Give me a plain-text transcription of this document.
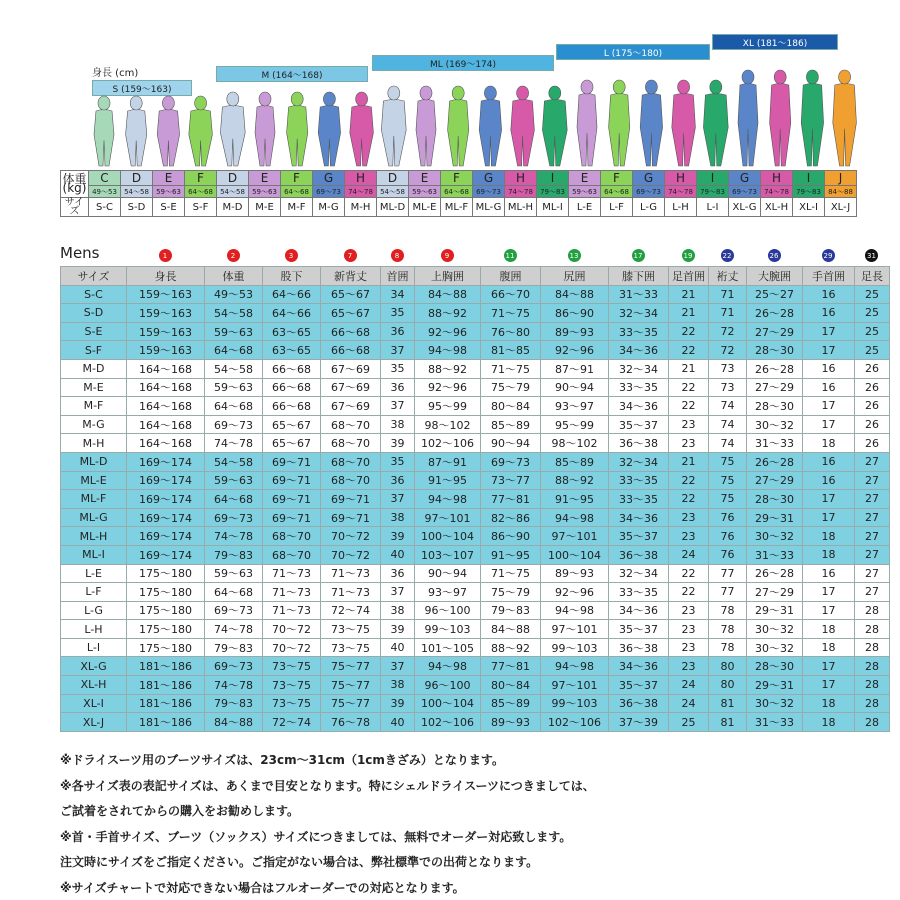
身長 (cm)
S (159～163)
M (164～168)
ML (169～174)
L (175～180)
XL (181～186)
体重 (kg)	C	D	E	F	D	E	F	G	H	D	E	F	G	H	I	E	F	G	H	I	G	H	I	J
	49～53	54～58	59～63	64～68	54～58	59～63	64～68	69～73	74～78	54～58	59～63	64～68	69～73	74～78	79～83	59～63	64～68	69～73	74～78	79～83	69～73	74～78	79～83	84～88
サイズ	S-C	S-D	S-E	S-F	M-D	M-E	M-F	M-G	M-H	ML-D	ML-E	ML-F	ML-G	ML-H	ML-I	L-E	L-F	L-G	L-H	L-I	XL-G	XL-H	XL-I	XL-J
Mens	1	2	3	7	8	9	11	13	17	19	22	26	29	31
サイズ	身長	体重	股下	新背丈	首囲	上胸囲	腹囲	尻囲	膝下囲	足首囲	裄丈	大腕囲	手首囲	足長
S-C	159～163	49～53	64～66	65～67	34	84～88	66～70	84～88	31～33	21	71	25～27	16	25
S-D	159～163	54～58	64～66	65～67	35	88～92	71～75	86～90	32～34	21	71	26～28	16	25
S-E	159～163	59～63	63～65	66～68	36	92～96	76～80	89～93	33～35	22	72	27～29	17	25
S-F	159～163	64～68	63～65	66～68	37	94～98	81～85	92～96	34～36	22	72	28～30	17	25
M-D	164～168	54～58	66～68	67～69	35	88～92	71～75	87～91	32～34	21	73	26～28	16	26
M-E	164～168	59～63	66～68	67～69	36	92～96	75～79	90～94	33～35	22	73	27～29	16	26
M-F	164～168	64～68	66～68	67～69	37	95～99	80～84	93～97	34～36	22	74	28～30	17	26
M-G	164～168	69～73	65～67	68～70	38	98～102	85～89	95～99	35～37	23	74	30～32	17	26
M-H	164～168	74～78	65～67	68～70	39	102～106	90～94	98～102	36～38	23	74	31～33	18	26
ML-D	169～174	54～58	69～71	68～70	35	87～91	69～73	85～89	32～34	21	75	26～28	16	27
ML-E	169～174	59～63	69～71	68～70	36	91～95	73～77	88～92	33～35	22	75	27～29	16	27
ML-F	169～174	64～68	69～71	69～71	37	94～98	77～81	91～95	33～35	22	75	28～30	17	27
ML-G	169～174	69～73	69～71	69～71	38	97～101	82～86	94～98	34～36	23	76	29～31	17	27
ML-H	169～174	74～78	68～70	70～72	39	100～104	86～90	97～101	35～37	23	76	30～32	18	27
ML-I	169～174	79～83	68～70	70～72	40	103～107	91～95	100～104	36～38	24	76	31～33	18	27
L-E	175～180	59～63	71～73	71～73	36	90～94	71～75	89～93	32～34	22	77	26～28	16	27
L-F	175～180	64～68	71～73	71～73	37	93～97	75～79	92～96	33～35	22	77	27～29	17	27
L-G	175～180	69～73	71～73	72～74	38	96～100	79～83	94～98	34～36	23	78	29～31	17	28
L-H	175～180	74～78	70～72	73～75	39	99～103	84～88	97～101	35～37	23	78	30～32	18	28
L-I	175～180	79～83	70～72	73～75	40	101～105	88～92	99～103	36～38	23	78	30～32	18	28
XL-G	181～186	69～73	73～75	75～77	37	94～98	77～81	94～98	34～36	23	80	28～30	17	28
XL-H	181～186	74～78	73～75	75～77	38	96～100	80～84	97～101	35～37	24	80	29～31	17	28
XL-I	181～186	79～83	73～75	75～77	39	100～104	85～89	99～103	36～38	24	81	30～32	18	28
XL-J	181～186	84～88	72～74	76～78	40	102～106	89～93	102～106	37～39	25	81	31～33	18	28

※ドライスーツ用のブーツサイズは、23cm～31cm（1cmきざみ）となります。

※各サイズ表の表記サイズは、あくまで目安となります。特にシェルドライスーツにつきましては、

ご試着をされてからの購入をお勧めします。

※首・手首サイズ、ブーツ（ソックス）サイズにつきましては、無料でオーダー対応致します。

注文時にサイズをご指定ください。ご指定がない場合は、弊社標準での出荷となります。

※サイズチャートで対応できない場合はフルオーダーでの対応となります。
